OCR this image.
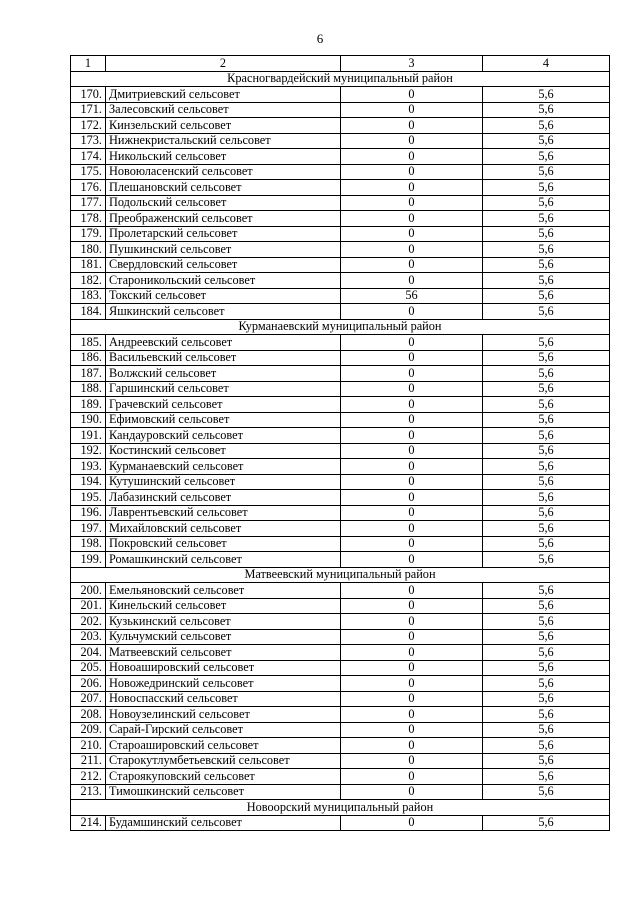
6
1	2	3	4
Красногвардейский муниципальный район			
170.	Дмитриевский сельсовет	0	5,6
171.	Залесовский сельсовет	0	5,6
172.	Кинзельский сельсовет	0	5,6
173.	Нижнекристальский сельсовет	0	5,6
174.	Никольский сельсовет	0	5,6
175.	Новоюласенский сельсовет	0	5,6
176.	Плешановский сельсовет	0	5,6
177.	Подольский сельсовет	0	5,6
178.	Преображенский сельсовет	0	5,6
179.	Пролетарский сельсовет	0	5,6
180.	Пушкинский сельсовет	0	5,6
181.	Свердловский сельсовет	0	5,6
182.	Староникольский сельсовет	0	5,6
183.	Токский сельсовет	56	5,6
184.	Яшкинский сельсовет	0	5,6
Курманаевский муниципальный район			
185.	Андреевский сельсовет	0	5,6
186.	Васильевский сельсовет	0	5,6
187.	Волжский сельсовет	0	5,6
188.	Гаршинский сельсовет	0	5,6
189.	Грачевский сельсовет	0	5,6
190.	Ефимовский сельсовет	0	5,6
191.	Кандауровский сельсовет	0	5,6
192.	Костинский сельсовет	0	5,6
193.	Курманаевский сельсовет	0	5,6
194.	Кутушинский сельсовет	0	5,6
195.	Лабазинский сельсовет	0	5,6
196.	Лаврентьевский сельсовет	0	5,6
197.	Михайловский сельсовет	0	5,6
198.	Покровский сельсовет	0	5,6
199.	Ромашкинский сельсовет	0	5,6
Матвеевский муниципальный район			
200.	Емельяновский сельсовет	0	5,6
201.	Кинельский сельсовет	0	5,6
202.	Кузькинский сельсовет	0	5,6
203.	Кульчумский сельсовет	0	5,6
204.	Матвеевский сельсовет	0	5,6
205.	Новоашировский сельсовет	0	5,6
206.	Новожедринский сельсовет	0	5,6
207.	Новоспасский сельсовет	0	5,6
208.	Новоузелинский сельсовет	0	5,6
209.	Сарай-Гирский сельсовет	0	5,6
210.	Староашировский сельсовет	0	5,6
211.	Старокутлумбетьевский сельсовет	0	5,6
212.	Староякуповский сельсовет	0	5,6
213.	Тимошкинский сельсовет	0	5,6
Новоорский муниципальный район			
214.	Будамшинский сельсовет	0	5,6
